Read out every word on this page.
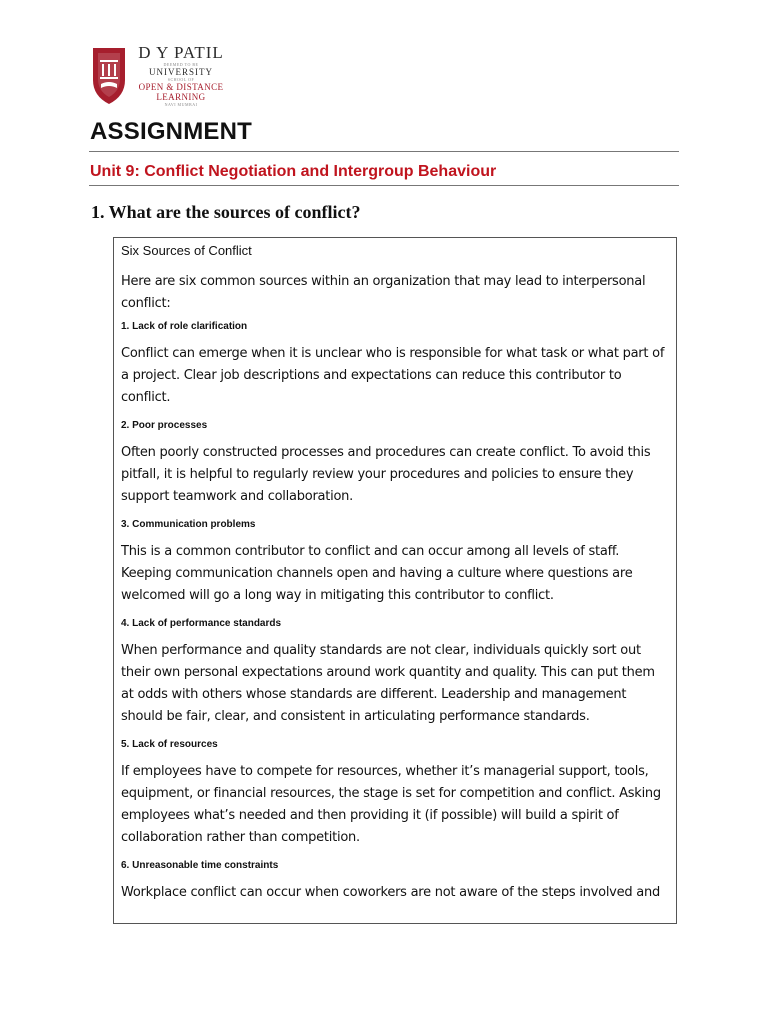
D Y PATIL
DEEMED TO BE
UNIVERSITY
SCHOOL OF
OPEN & DISTANCE
LEARNING
NAVI MUMBAI
ASSIGNMENT
Unit 9: Conflict Negotiation and Intergroup Behaviour
1. What are the sources of conflict?
Six Sources of Conflict

Here are six common sources within an organization that may lead to interpersonal conflict:

1. Lack of role clarification

Conflict can emerge when it is unclear who is responsible for what task or what part of a project. Clear job descriptions and expectations can reduce this contributor to conflict.

2. Poor processes

Often poorly constructed processes and procedures can create conflict. To avoid this pitfall, it is helpful to regularly review your procedures and policies to ensure they support teamwork and collaboration.

3. Communication problems

This is a common contributor to conflict and can occur among all levels of staff. Keeping communication channels open and having a culture where questions are welcomed will go a long way in mitigating this contributor to conflict.

4. Lack of performance standards

When performance and quality standards are not clear, individuals quickly sort out their own personal expectations around work quantity and quality. This can put them at odds with others whose standards are different. Leadership and management should be fair, clear, and consistent in articulating performance standards.

5. Lack of resources

If employees have to compete for resources, whether it’s managerial support, tools, equipment, or financial resources, the stage is set for competition and conflict. Asking employees what’s needed and then providing it (if possible) will build a spirit of collaboration rather than competition.

6. Unreasonable time constraints

Workplace conflict can occur when coworkers are not aware of the steps involved and
